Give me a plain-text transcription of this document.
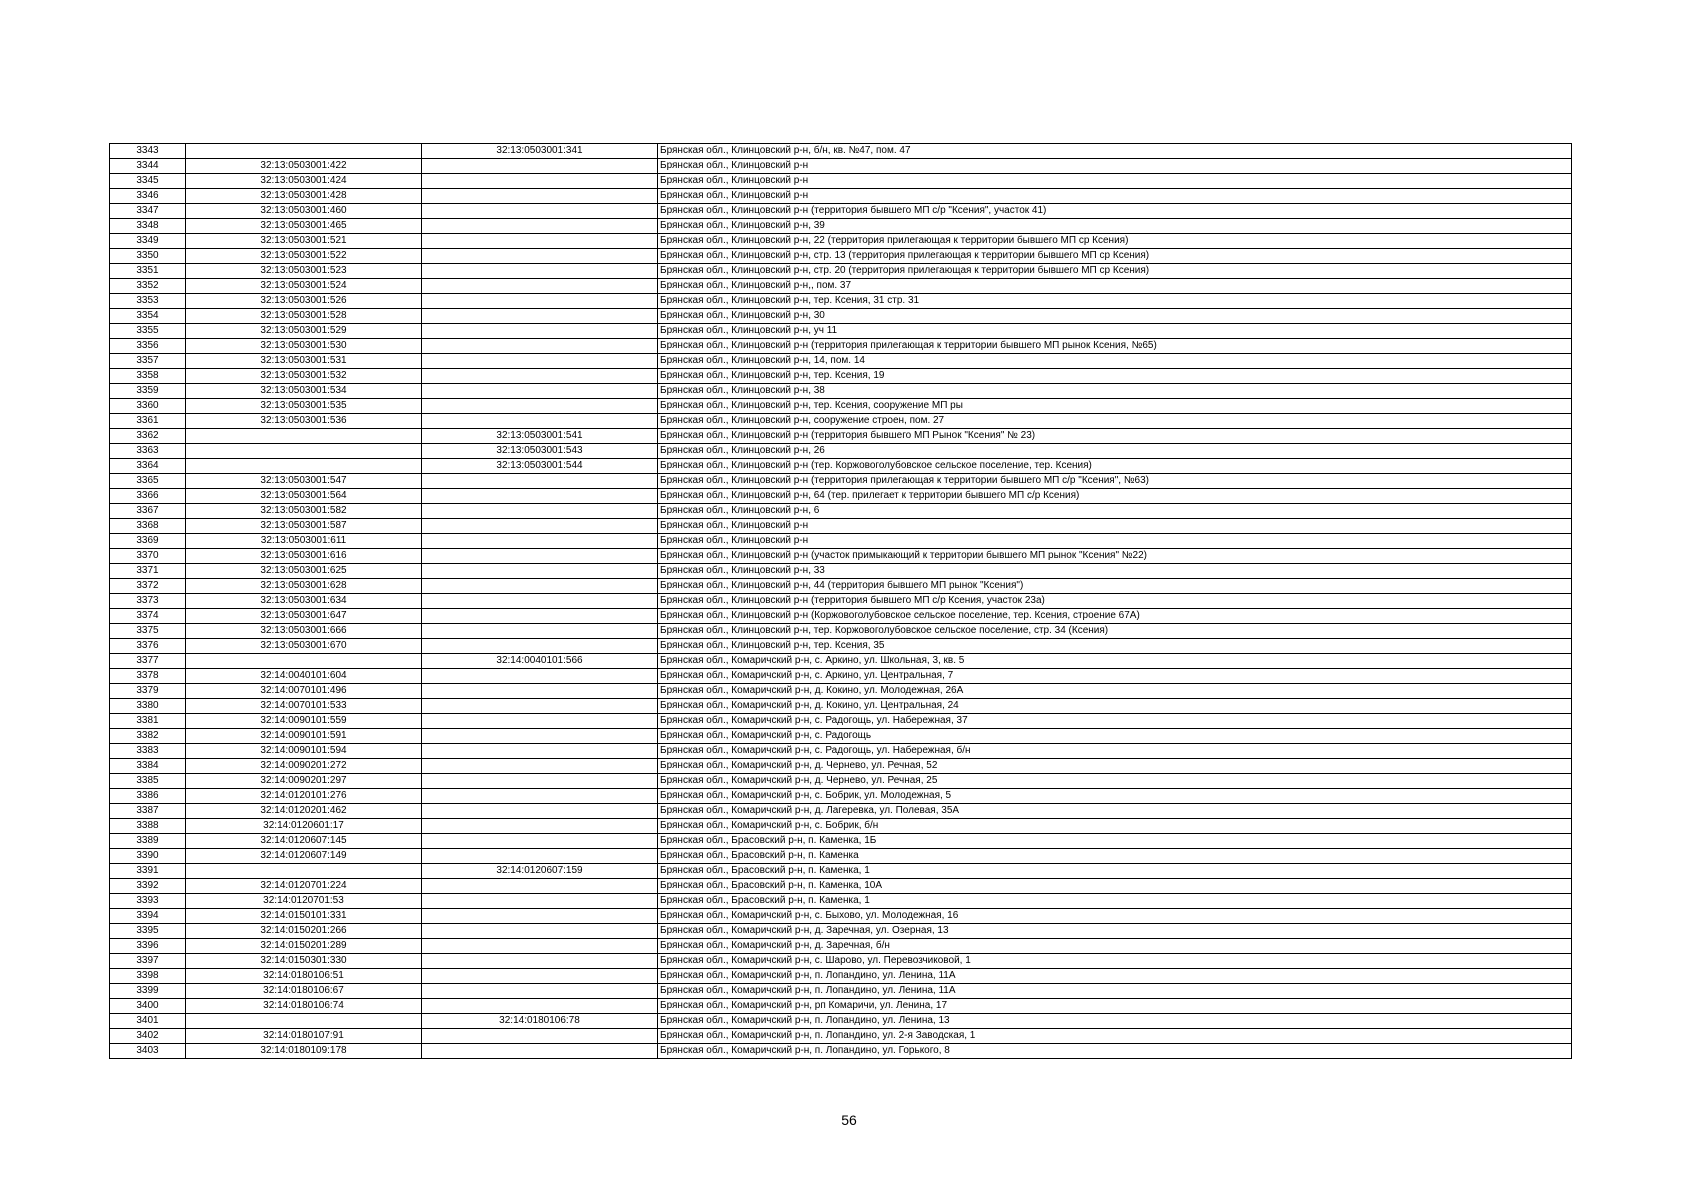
3343		32:13:0503001:341	Брянская обл., Клинцовский р-н, б/н, кв. №47, пом. 47
3344	32:13:0503001:422		Брянская обл., Клинцовский р-н
3345	32:13:0503001:424		Брянская обл., Клинцовский р-н
3346	32:13:0503001:428		Брянская обл., Клинцовский р-н
3347	32:13:0503001:460		Брянская обл., Клинцовский р-н (территория бывшего МП с/р "Ксения", участок 41)
3348	32:13:0503001:465		Брянская обл., Клинцовский р-н, 39
3349	32:13:0503001:521		Брянская обл., Клинцовский р-н, 22 (территория прилегающая к территории бывшего МП ср Ксения)
3350	32:13:0503001:522		Брянская обл., Клинцовский р-н, стр. 13 (территория прилегающая к территории бывшего МП ср Ксения)
3351	32:13:0503001:523		Брянская обл., Клинцовский р-н, стр. 20 (территория прилегающая к территории бывшего МП ср Ксения)
3352	32:13:0503001:524		Брянская обл., Клинцовский р-н,, пом. 37
3353	32:13:0503001:526		Брянская обл., Клинцовский р-н, тер. Ксения, 31 стр. 31
3354	32:13:0503001:528		Брянская обл., Клинцовский р-н, 30
3355	32:13:0503001:529		Брянская обл., Клинцовский р-н, уч 11
3356	32:13:0503001:530		Брянская обл., Клинцовский р-н (территория прилегающая к территории бывшего МП рынок Ксения, №65)
3357	32:13:0503001:531		Брянская обл., Клинцовский р-н, 14, пом. 14
3358	32:13:0503001:532		Брянская обл., Клинцовский р-н, тер. Ксения, 19
3359	32:13:0503001:534		Брянская обл., Клинцовский р-н, 38
3360	32:13:0503001:535		Брянская обл., Клинцовский р-н, тер. Ксения, сооружение МП ры
3361	32:13:0503001:536		Брянская обл., Клинцовский р-н, сооружение строен, пом. 27
3362		32:13:0503001:541	Брянская обл., Клинцовский р-н (территория бывшего МП Рынок "Ксения" № 23)
3363		32:13:0503001:543	Брянская обл., Клинцовский р-н, 26
3364		32:13:0503001:544	Брянская обл., Клинцовский р-н (тер. Коржовоголубовское сельское поселение, тер. Ксения)
3365	32:13:0503001:547		Брянская обл., Клинцовский р-н (территория прилегающая к территории бывшего МП с/р "Ксения", №63)
3366	32:13:0503001:564		Брянская обл., Клинцовский р-н, 64 (тер. прилегает к территории бывшего МП с/р Ксения)
3367	32:13:0503001:582		Брянская обл., Клинцовский р-н, 6
3368	32:13:0503001:587		Брянская обл., Клинцовский р-н
3369	32:13:0503001:611		Брянская обл., Клинцовский р-н
3370	32:13:0503001:616		Брянская обл., Клинцовский р-н (участок примыкающий к территории бывшего МП рынок "Ксения" №22)
3371	32:13:0503001:625		Брянская обл., Клинцовский р-н, 33
3372	32:13:0503001:628		Брянская обл., Клинцовский р-н, 44 (территория бывшего МП рынок "Ксения")
3373	32:13:0503001:634		Брянская обл., Клинцовский р-н (территория бывшего МП с/р Ксения, участок 23а)
3374	32:13:0503001:647		Брянская обл., Клинцовский р-н (Коржовоголубовское сельское поселение, тер. Ксения, строение 67А)
3375	32:13:0503001:666		Брянская обл., Клинцовский р-н, тер. Коржовоголубовское сельское поселение, стр. 34 (Ксения)
3376	32:13:0503001:670		Брянская обл., Клинцовский р-н, тер. Ксения, 35
3377		32:14:0040101:566	Брянская обл., Комаричский р-н, с. Аркино, ул. Школьная, 3, кв. 5
3378	32:14:0040101:604		Брянская обл., Комаричский р-н, с. Аркино, ул. Центральная, 7
3379	32:14:0070101:496		Брянская обл., Комаричский р-н, д. Кокино, ул. Молодежная, 26А
3380	32:14:0070101:533		Брянская обл., Комаричский р-н, д. Кокино, ул. Центральная, 24
3381	32:14:0090101:559		Брянская обл., Комаричский р-н, с. Радогощь, ул. Набережная, 37
3382	32:14:0090101:591		Брянская обл., Комаричский р-н, с. Радогощь
3383	32:14:0090101:594		Брянская обл., Комаричский р-н, с. Радогощь, ул. Набережная, б/н
3384	32:14:0090201:272		Брянская обл., Комаричский р-н, д. Чернево, ул. Речная, 52
3385	32:14:0090201:297		Брянская обл., Комаричский р-н, д. Чернево, ул. Речная, 25
3386	32:14:0120101:276		Брянская обл., Комаричский р-н, с. Бобрик, ул. Молодежная, 5
3387	32:14:0120201:462		Брянская обл., Комаричский р-н, д. Лагеревка, ул. Полевая, 35А
3388	32:14:0120601:17		Брянская обл., Комаричский р-н, с. Бобрик, б/н
3389	32:14:0120607:145		Брянская обл., Брасовский р-н, п. Каменка, 1Б
3390	32:14:0120607:149		Брянская обл., Брасовский р-н, п. Каменка
3391		32:14:0120607:159	Брянская обл., Брасовский р-н, п. Каменка, 1
3392	32:14:0120701:224		Брянская обл., Брасовский р-н, п. Каменка, 10А
3393	32:14:0120701:53		Брянская обл., Брасовский р-н, п. Каменка, 1
3394	32:14:0150101:331		Брянская обл., Комаричский р-н, с. Быхово, ул. Молодежная, 16
3395	32:14:0150201:266		Брянская обл., Комаричский р-н, д. Заречная, ул. Озерная, 13
3396	32:14:0150201:289		Брянская обл., Комаричский р-н, д. Заречная, б/н
3397	32:14:0150301:330		Брянская обл., Комаричский р-н, с. Шарово, ул. Перевозчиковой, 1
3398	32:14:0180106:51		Брянская обл., Комаричский р-н, п. Лопандино, ул. Ленина, 11А
3399	32:14:0180106:67		Брянская обл., Комаричский р-н, п. Лопандино, ул. Ленина, 11А
3400	32:14:0180106:74		Брянская обл., Комаричский р-н, рп Комаричи, ул. Ленина, 17
3401		32:14:0180106:78	Брянская обл., Комаричский р-н, п. Лопандино, ул. Ленина, 13
3402	32:14:0180107:91		Брянская обл., Комаричский р-н, п. Лопандино, ул. 2-я Заводская, 1
3403	32:14:0180109:178		Брянская обл., Комаричский р-н, п. Лопандино, ул. Горького, 8
56
